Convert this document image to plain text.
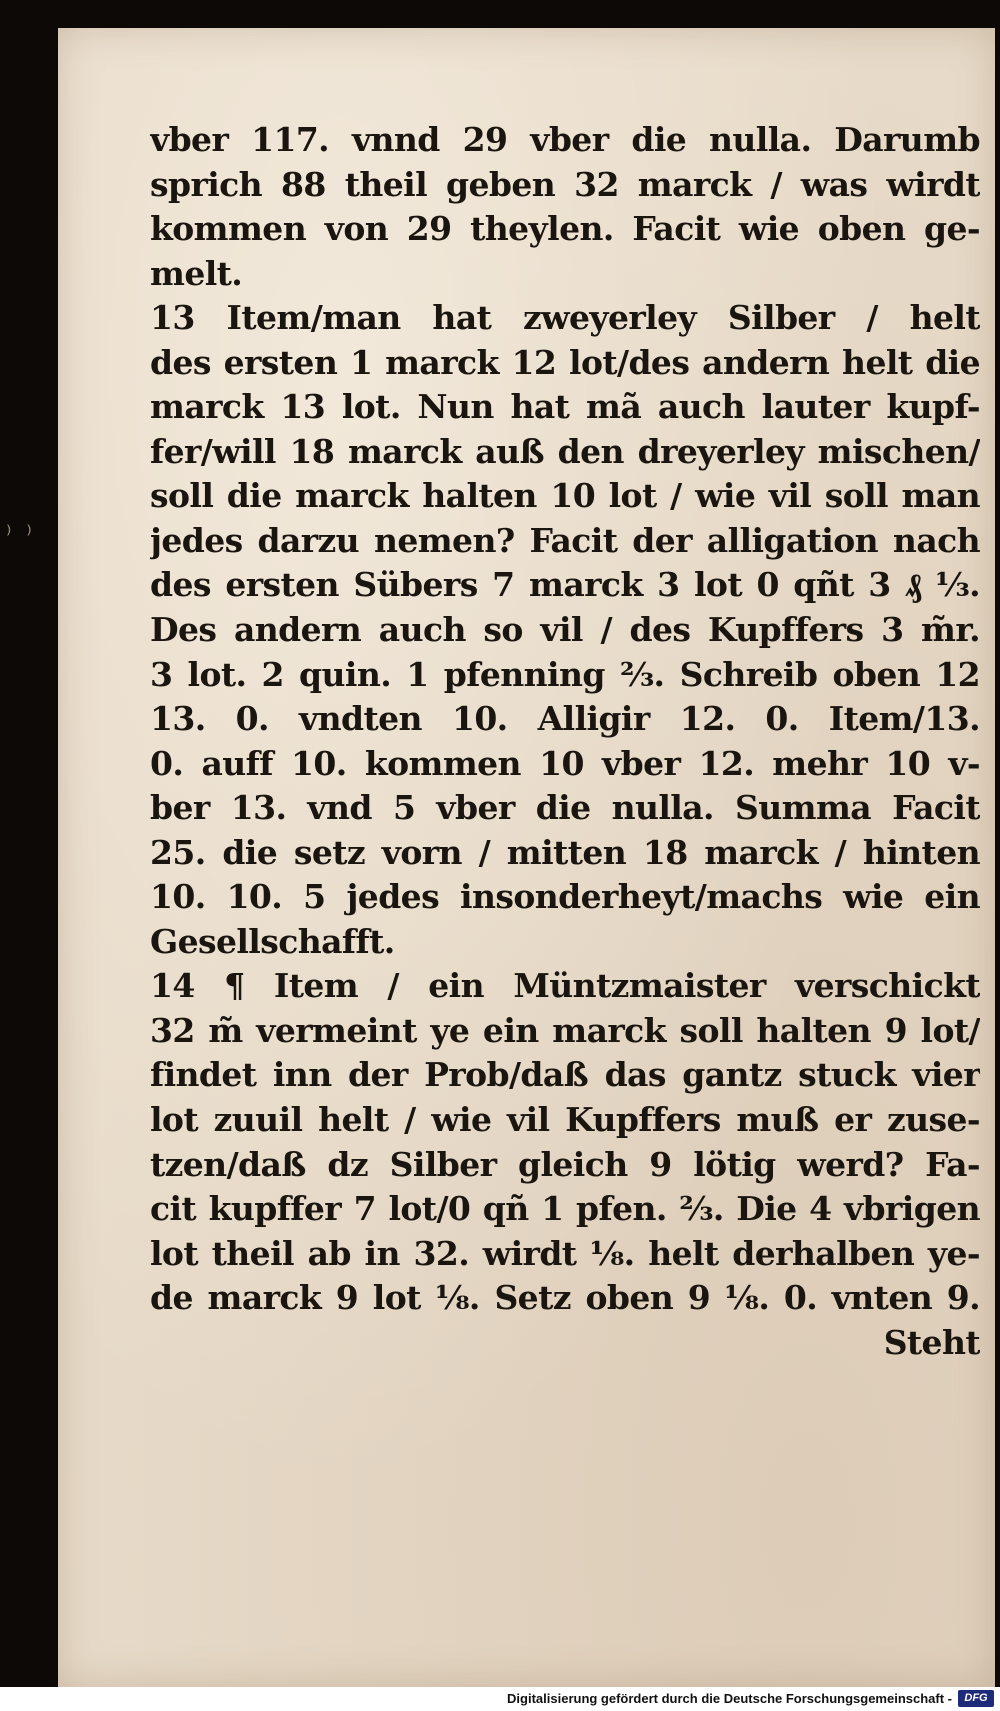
⁾ ⁾
vber 117. vnnd 29 vber die nulla. Darumb
sprich 88 theil geben 32 marck / was wirdt
kommen von 29 theylen. Facit wie oben ge-
melt.
13 Item/man hat zweyerley Silber / helt
des ersten 1 marck 12 lot/des andern helt die
marck 13 lot. Nun hat mã auch lauter kupf-
fer/will 18 marck auß den dreyerley mischen/
soll die marck halten 10 lot / wie vil soll man
jedes darzu nemen? Facit der alligation nach
des ersten Sübers 7 marck 3 lot 0 qñt 3 ₰ ⅓.
Des andern auch so vil / des Kupffers 3 m̃r.
3 lot. 2 quin. 1 pfenning ⅔. Schreib oben 12
13. 0. vndten 10. Alligir 12. 0. Item/13.
0. auff 10. kommen 10 vber 12. mehr 10 v-
ber 13. vnd 5 vber die nulla. Summa Facit
25. die setz vorn / mitten 18 marck / hinten
10. 10. 5 jedes insonderheyt/machs wie ein
Gesellschafft.
14 ¶ Item / ein Müntzmaister verschickt
32 m̃ vermeint ye ein marck soll halten 9 lot/
findet inn der Prob/daß das gantz stuck vier
lot zuuil helt / wie vil Kupffers muß er zuse-
tzen/daß dz Silber gleich 9 lötig werd? Fa-
cit kupffer 7 lot/0 qñ 1 pfen. ⅔. Die 4 vbrigen
lot theil ab in 32. wirdt ⅛. helt derhalben ye-
de marck 9 lot ⅛. Setz oben 9 ⅛. 0. vnten 9.
Steht
Digitalisierung gefördert durch die Deutsche Forschungsgemeinschaft -	DFG
